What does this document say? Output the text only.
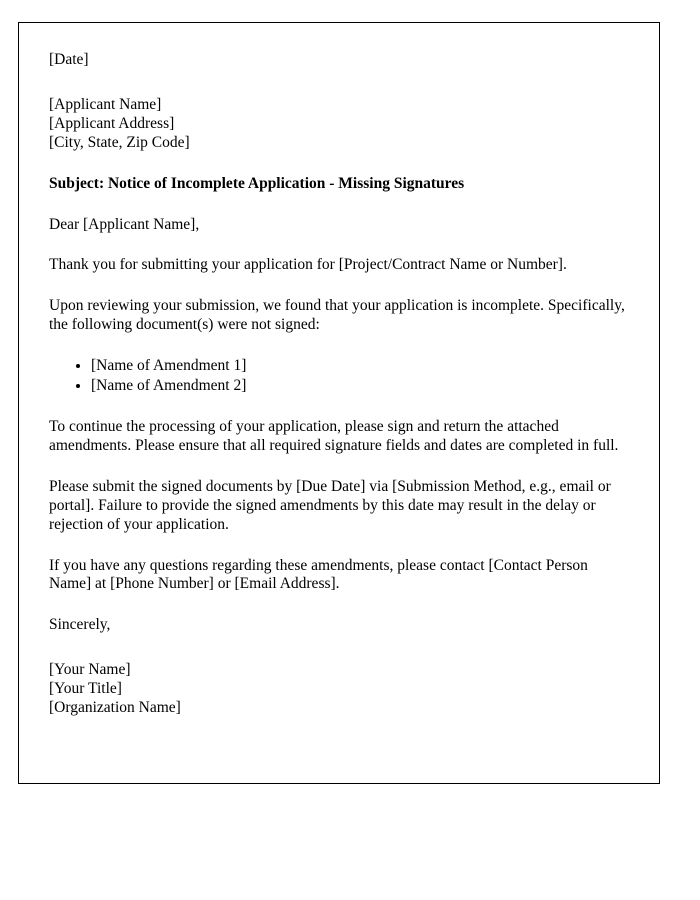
[Date]
[Applicant Name]
[Applicant Address]
[City, State, Zip Code]
Subject: Notice of Incomplete Application - Missing Signatures
Dear [Applicant Name],
Thank you for submitting your application for [Project/Contract Name or Number].
Upon reviewing your submission, we found that your application is incomplete. Specifically, the following document(s) were not signed:
• [Name of Amendment 1]
• [Name of Amendment 2]
To continue the processing of your application, please sign and return the attached amendments. Please ensure that all required signature fields and dates are completed in full.
Please submit the signed documents by [Due Date] via [Submission Method, e.g., email or portal]. Failure to provide the signed amendments by this date may result in the delay or rejection of your application.
If you have any questions regarding these amendments, please contact [Contact Person Name] at [Phone Number] or [Email Address].
Sincerely,
[Your Name]
[Your Title]
[Organization Name]
